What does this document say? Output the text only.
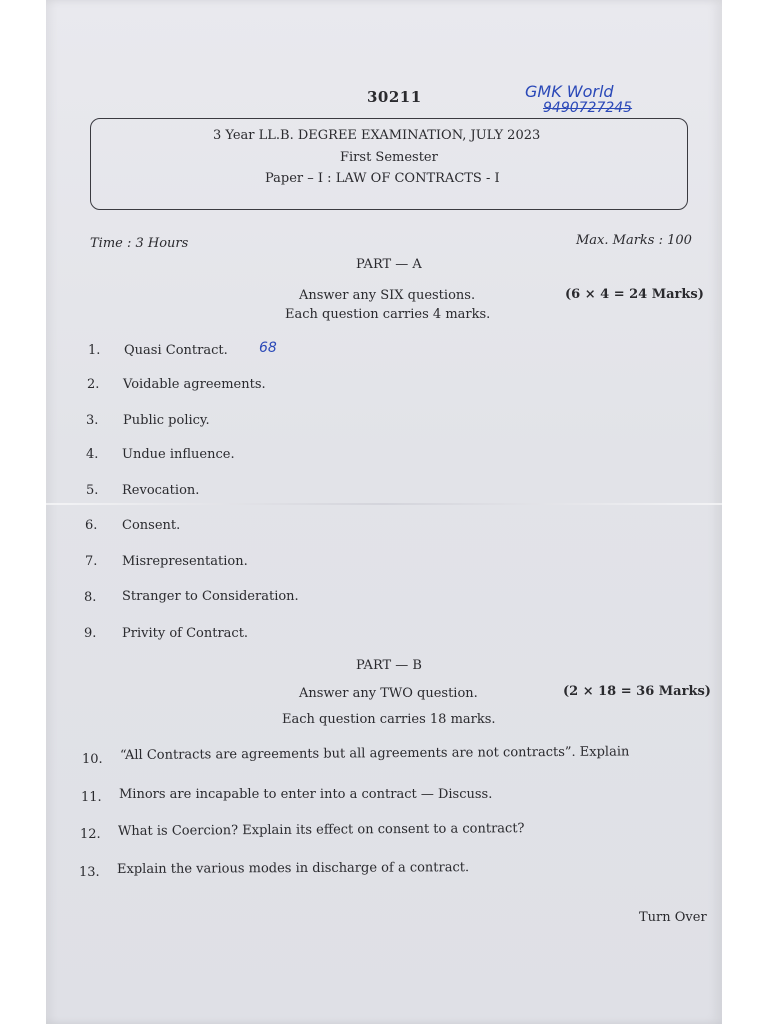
30211	GMK World
9490727245
3 Year LL.B. DEGREE EXAMINATION, JULY 2023
First Semester
Paper – I : LAW OF CONTRACTS - I
Time : 3 Hours	Max. Marks : 100
PART — A
Answer any SIX questions.
Each question carries 4 marks.
(6 × 4 = 24 Marks)
1. Quasi Contract. 68
2. Voidable agreements.
3. Public policy.
4. Undue influence.
5. Revocation.
6. Consent.
7. Misrepresentation.
8. Stranger to Consideration.
9. Privity of Contract.
PART — B
Answer any TWO question.
Each question carries 18 marks.
(2 × 18 = 36 Marks)
10. “All Contracts are agreements but all agreements are not contracts”. Explain
11. Minors are incapable to enter into a contract — Discuss.
12. What is Coercion? Explain its effect on consent to a contract?
13. Explain the various modes in discharge of a contract.
Turn Over
